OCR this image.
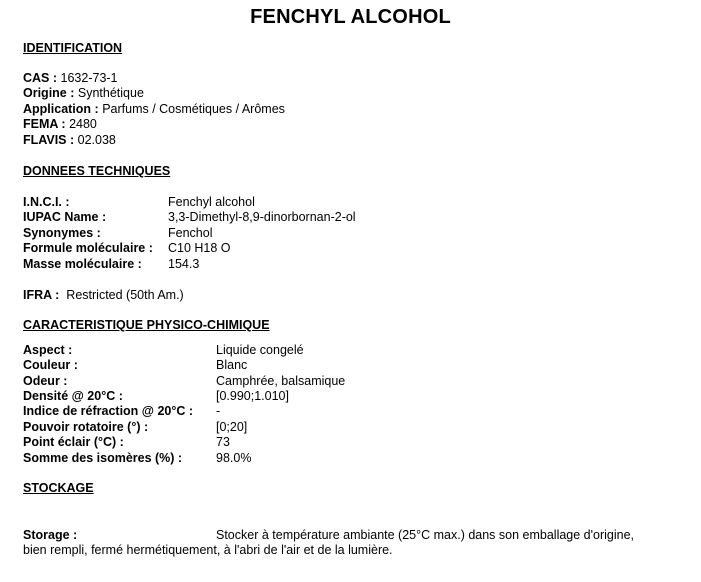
FENCHYL ALCOHOL
IDENTIFICATION
CAS : 1632-73-1
Origine : Synthétique
Application : Parfums / Cosmétiques / Arômes
FEMA : 2480
FLAVIS : 02.038
DONNEES TECHNIQUES
I.N.C.I. :	Fenchyl alcohol
IUPAC Name :	3,3-Dimethyl-8,9-dinorbornan-2-ol
Synonymes :	Fenchol
Formule moléculaire : C10 H18 O
Masse moléculaire : 154.3
IFRA : Restricted (50th Am.)
CARACTERISTIQUE PHYSICO-CHIMIQUE
Aspect :	Liquide congelé
Couleur :	Blanc
Odeur :	Camphrée, balsamique
Densité @ 20°C :	[0.990;1.010]
Indice de réfraction @ 20°C : -
Pouvoir rotatoire (°) :	[0;20]
Point éclair (°C) :	73
Somme des isomères (%) :	98.0%
STOCKAGE
Storage :	Stocker à température ambiante (25°C max.) dans son emballage d'origine,
bien rempli, fermé hermétiquement, à l'abri de l'air et de la lumière.
